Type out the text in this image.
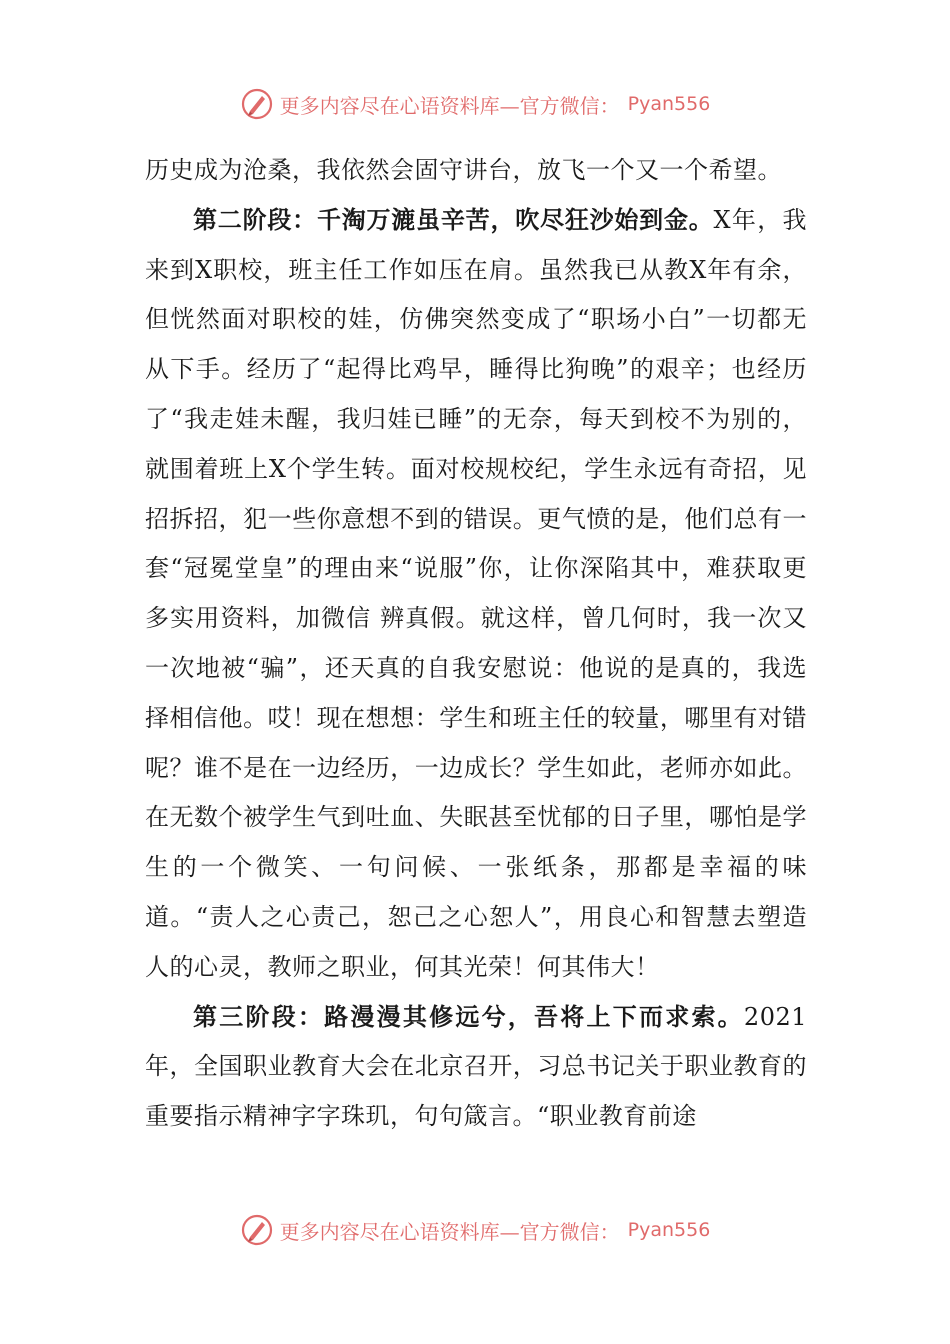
更多内容尽在心语资料库—官方微信： Pyan556

历史成为沧桑，我依然会固守讲台，放飞一个又一个希望。

第二阶段：千淘万漉虽辛苦，吹尽狂沙始到金。X年，我来到X职校，班主任工作如压在肩。虽然我已从教X年有余，但恍然面对职校的娃，仿佛突然变成了“职场小白”一切都无从下手。经历了“起得比鸡早，睡得比狗晚”的艰辛；也经历了“我走娃未醒，我归娃已睡”的无奈，每天到校不为别的，就围着班上X个学生转。面对校规校纪，学生永远有奇招，见招拆招，犯一些你意想不到的错误。更气愤的是，他们总有一套“冠冕堂皇”的理由来“说服”你，让你深陷其中，难获取更多实用资料，加微信 辨真假。就这样，曾几何时，我一次又一次地被“骗”，还天真的自我安慰说：他说的是真的，我选择相信他。哎！现在想想：学生和班主任的较量，哪里有对错呢？谁不是在一边经历，一边成长？学生如此，老师亦如此。在无数个被学生气到吐血、失眠甚至忧郁的日子里，哪怕是学生的一个微笑、一句问候、一张纸条，那都是幸福的味道。“责人之心责己，恕己之心恕人”，用良心和智慧去塑造人的心灵，教师之职业，何其光荣！何其伟大！

第三阶段：路漫漫其修远兮，吾将上下而求索。2021年，全国职业教育大会在北京召开，习总书记关于职业教育的重要指示精神字字珠玑，句句箴言。“职业教育前途

更多内容尽在心语资料库—官方微信： Pyan556
